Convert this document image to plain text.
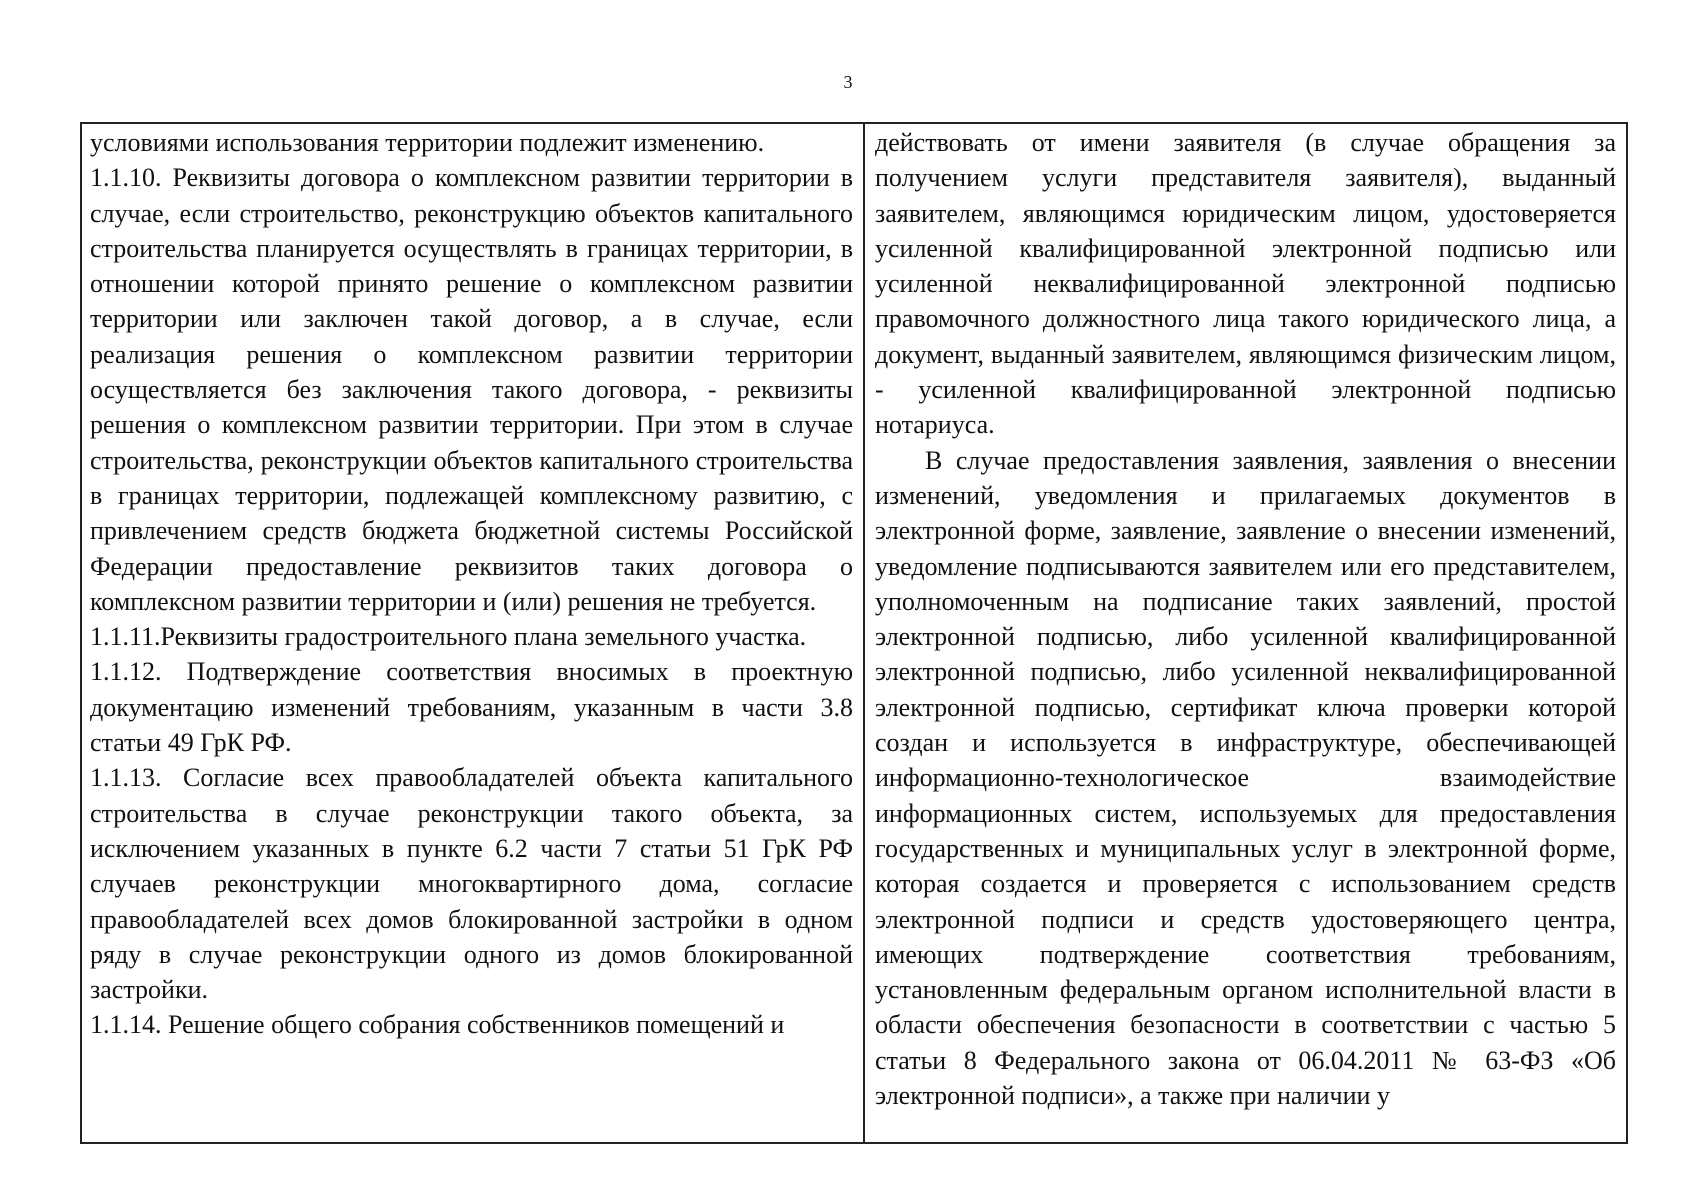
3

условиями использования территории подлежит изменению.

1.1.10. Реквизиты договора о комплексном развитии территории в случае, если строительство, реконструкцию объектов капитального строительства планируется осуществлять в границах территории, в отношении которой принято решение о комплексном развитии территории или заключен такой договор, а в случае, если реализация решения о комплексном развитии территории осуществляется без заключения такого договора, - реквизиты решения о комплексном развитии территории. При этом в случае строительства, реконструкции объектов капитального строительства в границах территории, подлежащей комплексному развитию, с привлечением средств бюджета бюджетной системы Российской Федерации предоставление реквизитов таких договора о комплексном развитии территории и (или) решения не требуется.

1.1.11.Реквизиты градостроительного плана земельного участка.

1.1.12. Подтверждение соответствия вносимых в проектную документацию изменений требованиям, указанным в части 3.8 статьи 49 ГрК РФ.

1.1.13. Согласие всех правообладателей объекта капитального строительства в случае реконструкции такого объекта, за исключением указанных в пункте 6.2 части 7 статьи 51 ГрК РФ случаев реконструкции многоквартирного дома, согласие правообладателей всех домов блокированной застройки в одном ряду в случае реконструкции одного из домов блокированной застройки.

1.1.14. Решение общего собрания собственников помещений и

действовать от имени заявителя (в случае обращения за получением услуги представителя заявителя), выданный заявителем, являющимся юридическим лицом, удостоверяется усиленной квалифицированной электронной подписью или усиленной неквалифицированной электронной подписью правомочного должностного лица такого юридического лица, а документ, выданный заявителем, являющимся физическим лицом, - усиленной квалифицированной электронной подписью нотариуса.

В случае предоставления заявления, заявления о внесении изменений, уведомления и прилагаемых документов в электронной форме, заявление, заявление о внесении изменений, уведомление подписываются заявителем или его представителем, уполномоченным на подписание таких заявлений, простой электронной подписью, либо усиленной квалифицированной электронной подписью, либо усиленной неквалифицированной электронной подписью, сертификат ключа проверки которой создан и используется в инфраструктуре, обеспечивающей информационно-технологическое взаимодействие информационных систем, используемых для предоставления государственных и муниципальных услуг в электронной форме, которая создается и проверяется с использованием средств электронной подписи и средств удостоверяющего центра, имеющих подтверждение соответствия требованиям, установленным федеральным органом исполнительной власти в области обеспечения безопасности в соответствии с частью 5 статьи 8 Федерального закона от 06.04.2011 № 63-ФЗ «Об электронной подписи», а также при наличии у
